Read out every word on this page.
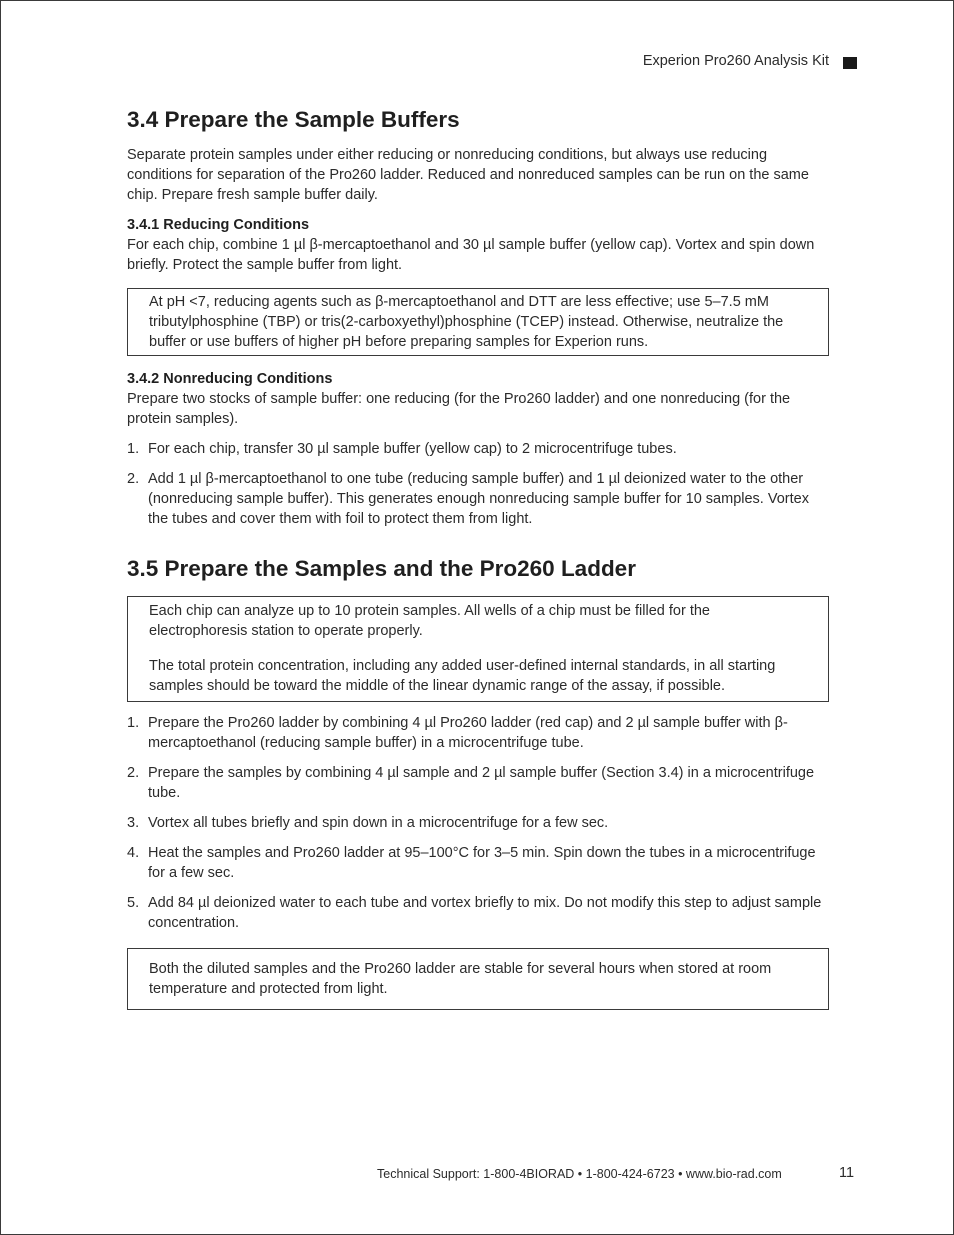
Experion Pro260 Analysis Kit
3.4 Prepare the Sample Buffers

Separate protein samples under either reducing or nonreducing conditions, but always use reducing conditions for separation of the Pro260 ladder. Reduced and nonreduced samples can be run on the same chip. Prepare fresh sample buffer daily.

3.4.1 Reducing Conditions

For each chip, combine 1 µl β-mercaptoethanol and 30 µl sample buffer (yellow cap). Vortex and spin down briefly. Protect the sample buffer from light.

At pH <7, reducing agents such as β-mercaptoethanol and DTT are less effective; use 5–7.5 mM tributylphosphine (TBP) or tris(2-carboxyethyl)phosphine (TCEP) instead. Otherwise, neutralize the buffer or use buffers of higher pH before preparing samples for Experion runs.

3.4.2 Nonreducing Conditions

Prepare two stocks of sample buffer: one reducing (for the Pro260 ladder) and one nonreducing (for the protein samples).

1. For each chip, transfer 30 µl sample buffer (yellow cap) to 2 microcentrifuge tubes.
2. Add 1 µl β-mercaptoethanol to one tube (reducing sample buffer) and 1 µl deionized water to the other (nonreducing sample buffer). This generates enough nonreducing sample buffer for 10 samples. Vortex the tubes and cover them with foil to protect them from light.
3.5 Prepare the Samples and the Pro260 Ladder

Each chip can analyze up to 10 protein samples. All wells of a chip must be filled for the electrophoresis station to operate properly.

The total protein concentration, including any added user-defined internal standards, in all starting samples should be toward the middle of the linear dynamic range of the assay, if possible.

1. Prepare the Pro260 ladder by combining 4 µl Pro260 ladder (red cap) and 2 µl sample buffer with β-mercaptoethanol (reducing sample buffer) in a microcentrifuge tube.
2. Prepare the samples by combining 4 µl sample and 2 µl sample buffer (Section 3.4) in a microcentrifuge tube.
3. Vortex all tubes briefly and spin down in a microcentrifuge for a few sec.
4. Heat the samples and Pro260 ladder at 95–100°C for 3–5 min. Spin down the tubes in a microcentrifuge for a few sec.
5. Add 84 µl deionized water to each tube and vortex briefly to mix. Do not modify this step to adjust sample concentration.

Both the diluted samples and the Pro260 ladder are stable for several hours when stored at room temperature and protected from light.

Technical Support: 1-800-4BIORAD • 1-800-424-6723 • www.bio-rad.com	11
